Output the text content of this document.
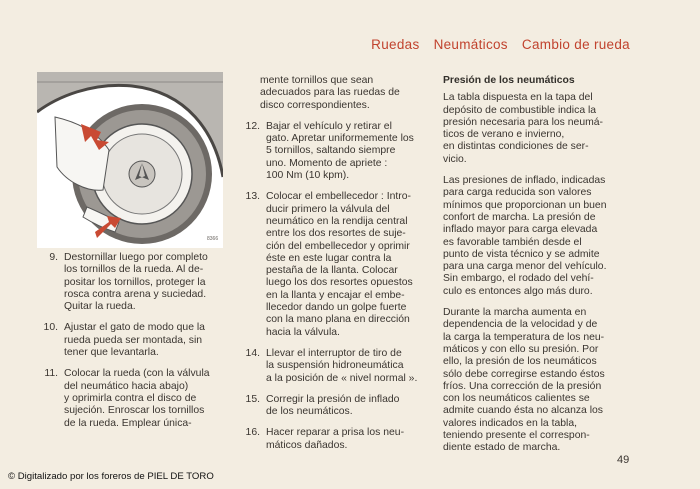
Ruedas Neumáticos Cambio de rueda
8366
9. Destornillar luego por completo
los tornillos de la rueda. Al de-
positar los tornillos, proteger la
rosca contra arena y suciedad.
Quitar la rueda.
10. Ajustar el gato de modo que la
rueda pueda ser montada, sin
tener que levantarla.
11. Colocar la rueda (con la válvula
del neumático hacia abajo)
y oprimirla contra el disco de
sujeción. Enroscar los tornillos
de la rueda. Emplear única-
mente tornillos que sean
adecuados para las ruedas de
disco correspondientes.
12. Bajar el vehículo y retirar el
gato. Apretar uniformemente los
5 tornillos, saltando siempre
uno. Momento de apriete :
100 Nm (10 kpm).
13. Colocar el embellecedor : Intro-
ducir primero la válvula del
neumático en la rendija central
entre los dos resortes de suje-
ción del embellecedor y oprimir
éste en este lugar contra la
pestaña de la llanta. Colocar
luego los dos resortes opuestos
en la llanta y encajar el embe-
llecedor dando un golpe fuerte
con la mano plana en dirección
hacia la válvula.
14. Llevar el interruptor de tiro de
la suspensión hidroneumática
a la posición de « nivel normal ».
15. Corregir la presión de inflado
de los neumáticos.
16. Hacer reparar a prisa los neu-
máticos dañados.
Presión de los neumáticos
La tabla dispuesta en la tapa del
depósito de combustible indica la
presión necesaria para los neumá-
ticos de verano e invierno,
en distintas condiciones de ser-
vicio.
Las presiones de inflado, indicadas
para carga reducida son valores
mínimos que proporcionan un buen
confort de marcha. La presión de
inflado mayor para carga elevada
es favorable también desde el
punto de vista técnico y se admite
para una carga menor del vehículo.
Sin embargo, el rodado del vehí-
culo es entonces algo más duro.
Durante la marcha aumenta en
dependencia de la velocidad y de
la carga la temperatura de los neu-
máticos y con ello su presión. Por
ello, la presión de los neumáticos
sólo debe corregirse estando éstos
fríos. Una corrección de la presión
con los neumáticos calientes se
admite cuando ésta no alcanza los
valores indicados en la tabla,
teniendo presente el correspon-
diente estado de marcha.
49
© Digitalizado por los foreros de PIEL DE TORO
